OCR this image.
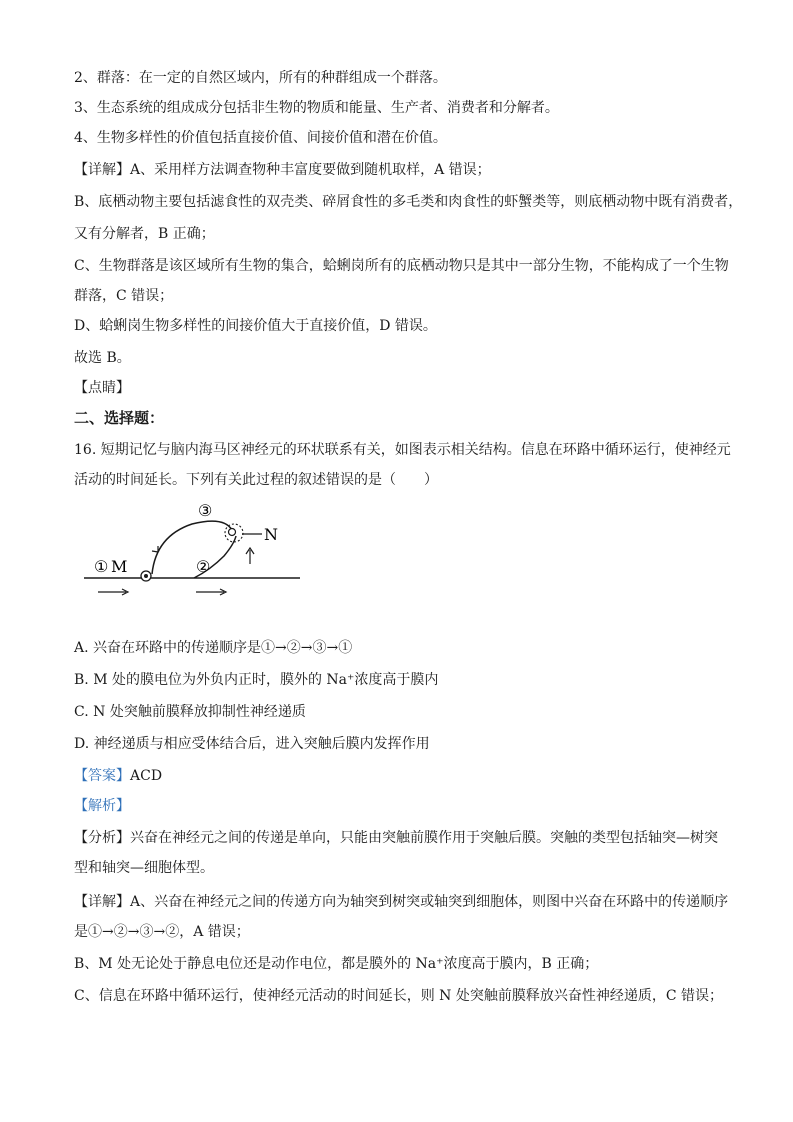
2、群落：在一定的自然区域内，所有的种群组成一个群落。
3、生态系统的组成成分包括非生物的物质和能量、生产者、消费者和分解者。
4、生物多样性的价值包括直接价值、间接价值和潜在价值。
【详解】A、采用样方法调查物种丰富度要做到随机取样，A 错误；
B、底栖动物主要包括滤食性的双壳类、碎屑食性的多毛类和肉食性的虾蟹类等，则底栖动物中既有消费者，
又有分解者，B 正确；
C、生物群落是该区域所有生物的集合，蛤蜊岗所有的底栖动物只是其中一部分生物，不能构成了一个生物
群落，C 错误；
D、蛤蜊岗生物多样性的间接价值大于直接价值，D 错误。
故选 B。
【点睛】
二、选择题：
16. 短期记忆与脑内海马区神经元的环状联系有关，如图表示相关结构。信息在环路中循环运行，使神经元
活动的时间延长。下列有关此过程的叙述错误的是（　　）
① M	②
③
N
A. 兴奋在环路中的传递顺序是①→②→③→①
B. M 处的膜电位为外负内正时，膜外的 Na⁺浓度高于膜内
C. N 处突触前膜释放抑制性神经递质
D. 神经递质与相应受体结合后，进入突触后膜内发挥作用
【答案】ACD
【解析】
【分析】兴奋在神经元之间的传递是单向，只能由突触前膜作用于突触后膜。突触的类型包括轴突—树突
型和轴突—细胞体型。
【详解】A、兴奋在神经元之间的传递方向为轴突到树突或轴突到细胞体，则图中兴奋在环路中的传递顺序
是①→②→③→②，A 错误；
B、M 处无论处于静息电位还是动作电位，都是膜外的 Na⁺浓度高于膜内，B 正确；
C、信息在环路中循环运行，使神经元活动的时间延长，则 N 处突触前膜释放兴奋性神经递质，C 错误；
